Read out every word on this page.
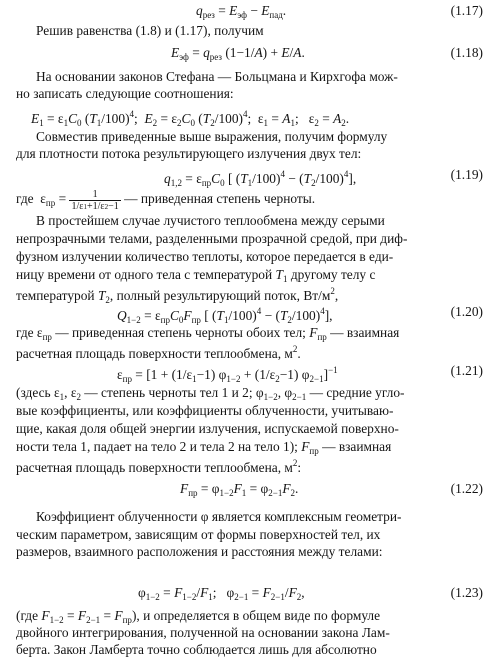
$q_{рез} = E_{эф} - E_{пад}$.	(1.17)
Решив равенства (1.8) и (1.17), получим
$E_{эф} = q_{рез}$ (1−1/A) + E/A.	(1.18)
На основании законов Стефана — Больцмана и Кирхгофа мож-
но записать следующие соотношения:
$E_1 = \varepsilon_1C_0$ $(T_1/100)^4$;  $E_2 = \varepsilon_2C_0$ $(T_2/100)^4$;  $\varepsilon_1 = A_1$;   $\varepsilon_2 = A_2$.
Совместив приведенные выше выражения, получим формулу
для плотности потока результирующего излучения двух тел:
$q_{1,2} = \varepsilon_{пр}C_0$ [ $(T_1/100)^4 - (T_2/100)^4$],	(1.19)
где  $\varepsilon_{пр} = \frac{1}{1/\varepsilon 1+1/\varepsilon 2-1}$ — приведенная степень черноты.
В простейшем случае лучистого теплообмена между серыми
непрозрачными телами, разделенными прозрачной средой, при диф-
фузном излучении количество теплоты, которое передается в еди-
ницу времени от одного тела с температурой $T_1$ другому телу с
температурой $T_2$, полный результирующий поток, $Вт/м^2$,
$Q_{1-2} = \varepsilon_{пр}C_0F_{пр}$ [ $(T_1/100)^4 - (T_2/100)^4$],	(1.20)
где $\varepsilon_{пр}$ — приведенная степень черноты обоих тел; $F_{пр}$ — взаимная
расчетная площадь поверхности теплообмена, $м^2$.
$\varepsilon_{пр} = [1 + (1/\varepsilon_1-1) \varphi_{1-2} + (1/\varepsilon_2-1)$ $\varphi_{2-1}]^{-1}$	(1.21)
(здесь $\varepsilon_1$, $\varepsilon_2$ — степень черноты тел 1 и 2; $\varphi_{1-2}$, $\varphi_{2-1}$ — средние угло-
вые коэффициенты, или коэффициенты облученности, учитываю-
щие, какая доля общей энергии излучения, испускаемой поверхно-
ности тела 1, падает на тело 2 и тела 2 на тело 1); $F_{пр}$ — взаимная
расчетная площадь поверхности теплообмена, $м^2$:
$F_{пр} = \varphi_{1-2}F_1 = \varphi_{2-1}F_2$.	(1.22)
Коэффициент облученности φ является комплексным геометри-
ческим параметром, зависящим от формы поверхностей тел, их
размеров, взаимного расположения и расстояния между телами:
$\varphi_{1-2} = F_{1-2}/F_1$;   $\varphi_{2-1} = F_{2-1}/F_2$,	(1.23)
(где $F_{1-2} = F_{2-1} = F_{пр}$), и определяется в общем виде по формуле
двойного интегрирования, полученной на основании закона Лам-
берта. Закон Ламберта точно соблюдается лишь для абсолютно
